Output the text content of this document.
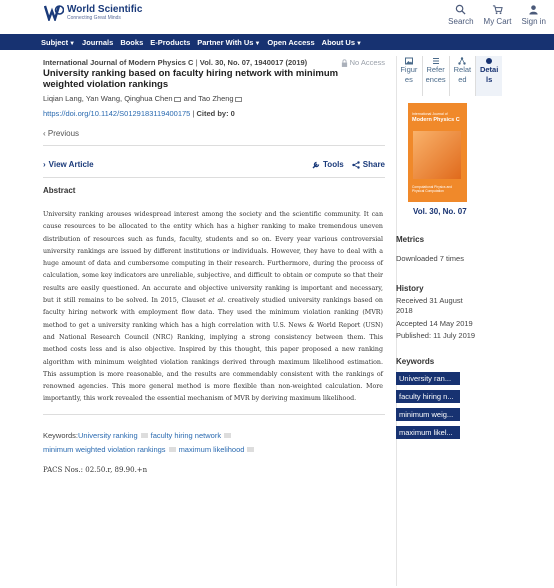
World Scientific
Connecting Great Minds	Search My Cart Sign in
Subject▼ Journals Books E-Products Partner With Us▼ Open Access About Us▼
International Journal of Modern Physics C | Vol. 30, No. 07, 1940017 (2019)	No Access
University ranking based on faculty hiring network with minimum weighted violation rankings
Liqian Lang, Yan Wang, Qinghua Chen and Tao Zheng
https://doi.org/10.1142/S0129183119400175 | Cited by: 0
‹ Previous
› View Article	Tools Share
Abstract
University ranking arouses widespread interest among the society and the scientific community. It can cause resources to be allocated to the entity which has a higher ranking to make tremendous uneven distribution of resources such as funds, faculty, students and so on. Every year various controversial university rankings are issued by different institutions or individuals. However, they have to deal with a huge amount of data and cumbersome computing in their research. Furthermore, during the process of calculation, some key indicators are unreliable, subjective, and difficult to obtain or compute so that their results are easily questioned. An accurate and objective university ranking is important and necessary, but it still remains to be solved. In 2015, Clauset et al. creatively studied university rankings based on faculty hiring network with employment flow data. They used the minimum violation ranking (MVR) method to get a university ranking which has a high correlation with U.S. News & World Report (USN) and National Research Council (NRC) Ranking, implying a strong consistency between them. This method costs less and is also objective. Inspired by this thought, this paper proposed a new ranking algorithm with minimum weighted violation rankings derived through maximum likelihood estimation. This assumption is more reasonable, and the results are commendably consistent with the rankings of renowned agencies. This more general method is more flexible than non-weighted calculation. More importantly, this work revealed the essential mechanism of MVR by deriving maximum likelihood.
Keywords:University ranking faculty hiring network
minimum weighted violation rankings maximum likelihood
PACS Nos.: 02.50.r, 89.90.+n
Figur
es
Refer
ences
Relat
ed
Detai
ls
International Journal of
Modern Physics C
Computational Physics and Physical Computation
Vol. 30, No. 07
Metrics
Downloaded 7 times
History
Received 31 August 2018
Accepted 14 May 2019
Published: 11 July 2019
Keywords
University ran...
faculty hiring n...
minimum weig...
maximum likel...
